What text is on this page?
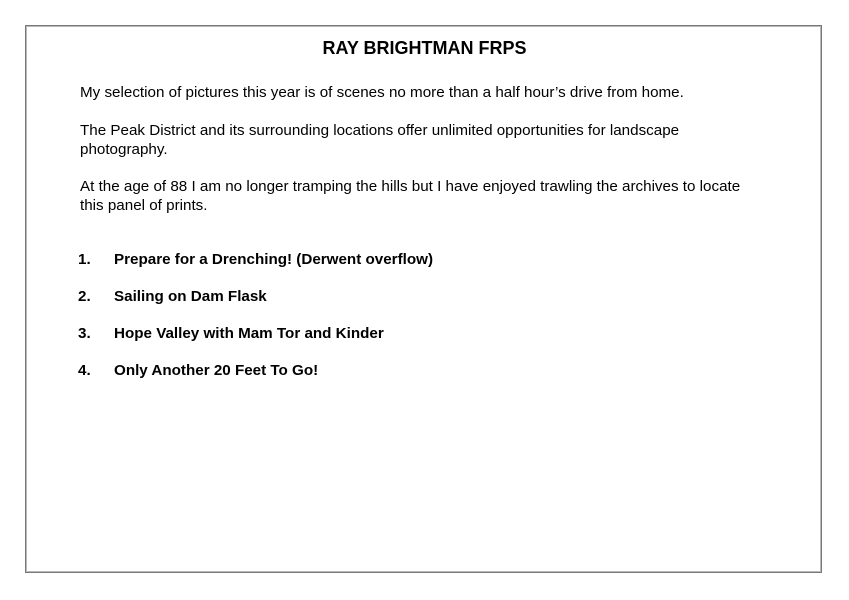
RAY BRIGHTMAN FRPS

My selection of pictures this year is of scenes no more than a half hour’s drive from home.

The Peak District and its surrounding locations offer unlimited opportunities for landscape photography.

At the age of 88 I am no longer tramping the hills but I have enjoyed trawling the archives to locate this panel of prints.

1.	Prepare for a Drenching! (Derwent overflow)
2.	Sailing on Dam Flask
3.	Hope Valley with Mam Tor and Kinder
4.	Only Another 20 Feet To Go!
